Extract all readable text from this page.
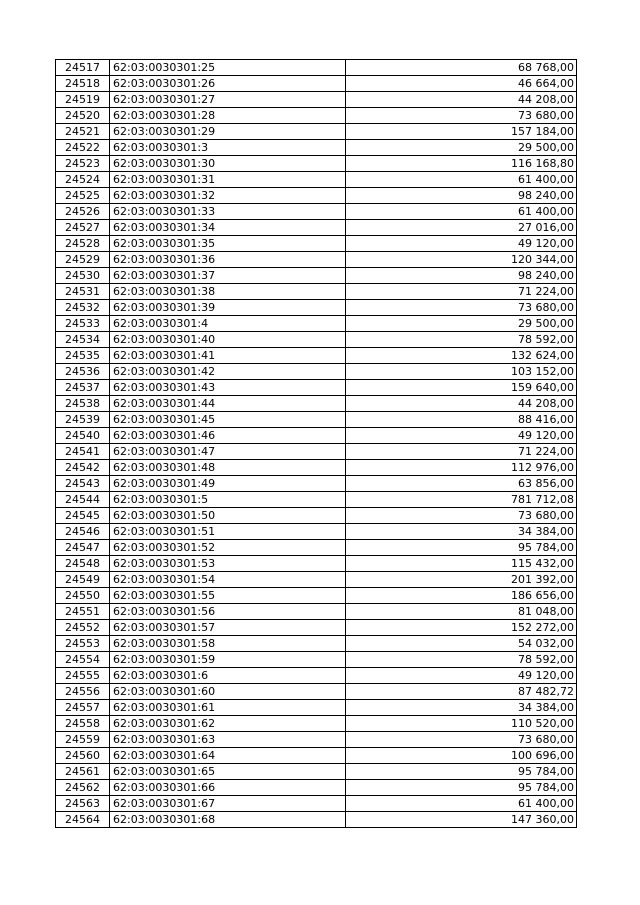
24517	62:03:0030301:25	68 768,00
24518	62:03:0030301:26	46 664,00
24519	62:03:0030301:27	44 208,00
24520	62:03:0030301:28	73 680,00
24521	62:03:0030301:29	157 184,00
24522	62:03:0030301:3	29 500,00
24523	62:03:0030301:30	116 168,80
24524	62:03:0030301:31	61 400,00
24525	62:03:0030301:32	98 240,00
24526	62:03:0030301:33	61 400,00
24527	62:03:0030301:34	27 016,00
24528	62:03:0030301:35	49 120,00
24529	62:03:0030301:36	120 344,00
24530	62:03:0030301:37	98 240,00
24531	62:03:0030301:38	71 224,00
24532	62:03:0030301:39	73 680,00
24533	62:03:0030301:4	29 500,00
24534	62:03:0030301:40	78 592,00
24535	62:03:0030301:41	132 624,00
24536	62:03:0030301:42	103 152,00
24537	62:03:0030301:43	159 640,00
24538	62:03:0030301:44	44 208,00
24539	62:03:0030301:45	88 416,00
24540	62:03:0030301:46	49 120,00
24541	62:03:0030301:47	71 224,00
24542	62:03:0030301:48	112 976,00
24543	62:03:0030301:49	63 856,00
24544	62:03:0030301:5	781 712,08
24545	62:03:0030301:50	73 680,00
24546	62:03:0030301:51	34 384,00
24547	62:03:0030301:52	95 784,00
24548	62:03:0030301:53	115 432,00
24549	62:03:0030301:54	201 392,00
24550	62:03:0030301:55	186 656,00
24551	62:03:0030301:56	81 048,00
24552	62:03:0030301:57	152 272,00
24553	62:03:0030301:58	54 032,00
24554	62:03:0030301:59	78 592,00
24555	62:03:0030301:6	49 120,00
24556	62:03:0030301:60	87 482,72
24557	62:03:0030301:61	34 384,00
24558	62:03:0030301:62	110 520,00
24559	62:03:0030301:63	73 680,00
24560	62:03:0030301:64	100 696,00
24561	62:03:0030301:65	95 784,00
24562	62:03:0030301:66	95 784,00
24563	62:03:0030301:67	61 400,00
24564	62:03:0030301:68	147 360,00
